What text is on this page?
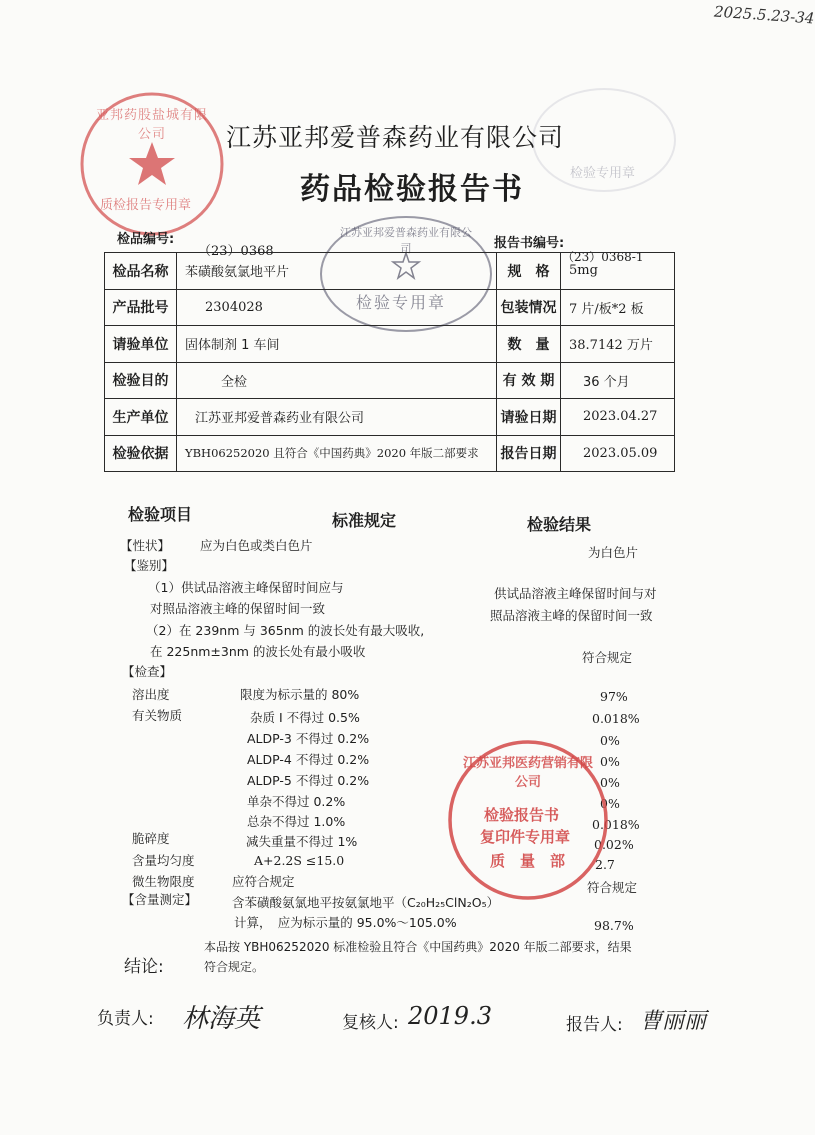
2025.5.23-34
检验专用章
亚邦药股盐城有限公司
质检报告专用章
江苏亚邦爱普森药业有限公司
药品检验报告书
检品编号:
（23）0368
报告书编号:
（23）0368-1
江苏亚邦爱普森药业有限公司
检验专用章
检品名称	苯磺酸氨氯地平片	规　格	5mg
产品批号	2304028	包装情况	7 片/板*2 板
请验单位	固体制剂 1 车间	数　量	38.7142 万片
检验目的	全检	有 效 期	36 个月
生产单位	江苏亚邦爱普森药业有限公司	请验日期	2023.04.27
检验依据	YBH06252020 且符合《中国药典》2020 年版二部要求	报告日期	2023.05.09
检验项目	标准规定	检验结果
【性状】 应为白色或类白色片	为白色片
【鉴别】
（1）供试品溶液主峰保留时间应与
对照品溶液主峰的保留时间一致
供试品溶液主峰保留时间与对
照品溶液主峰的保留时间一致
（2）在 239nm 与 365nm 的波长处有最大吸收,
在 225nm±3nm 的波长处有最小吸收	符合规定
【检查】
溶出度	限度为标示量的 80%	97%
有关物质	杂质 I 不得过 0.5%	0.018%
ALDP-3 不得过 0.2%	0%
ALDP-4 不得过 0.2%	0%
ALDP-5 不得过 0.2%	0%
单杂不得过 0.2%	0%
总杂不得过 1.0%	0.018%
脆碎度	减失重量不得过 1%	0.02%
含量均匀度	A+2.2S ≤15.0	2.7
微生物限度	应符合规定	符合规定
【含量测定】	含苯磺酸氨氯地平按氨氯地平（C₂₀H₂₅ClN₂O₅）
计算，　应为标示量的 95.0%～105.0%	98.7%
江苏亚邦医药营销有限公司
检验报告书
复印件专用章
质　量　部
本品按 YBH06252020 标准检验且符合《中国药典》2020 年版二部要求，结果
结论:	符合规定。
负责人: 林海英	复核人: 2019.3	报告人: 曹丽丽
